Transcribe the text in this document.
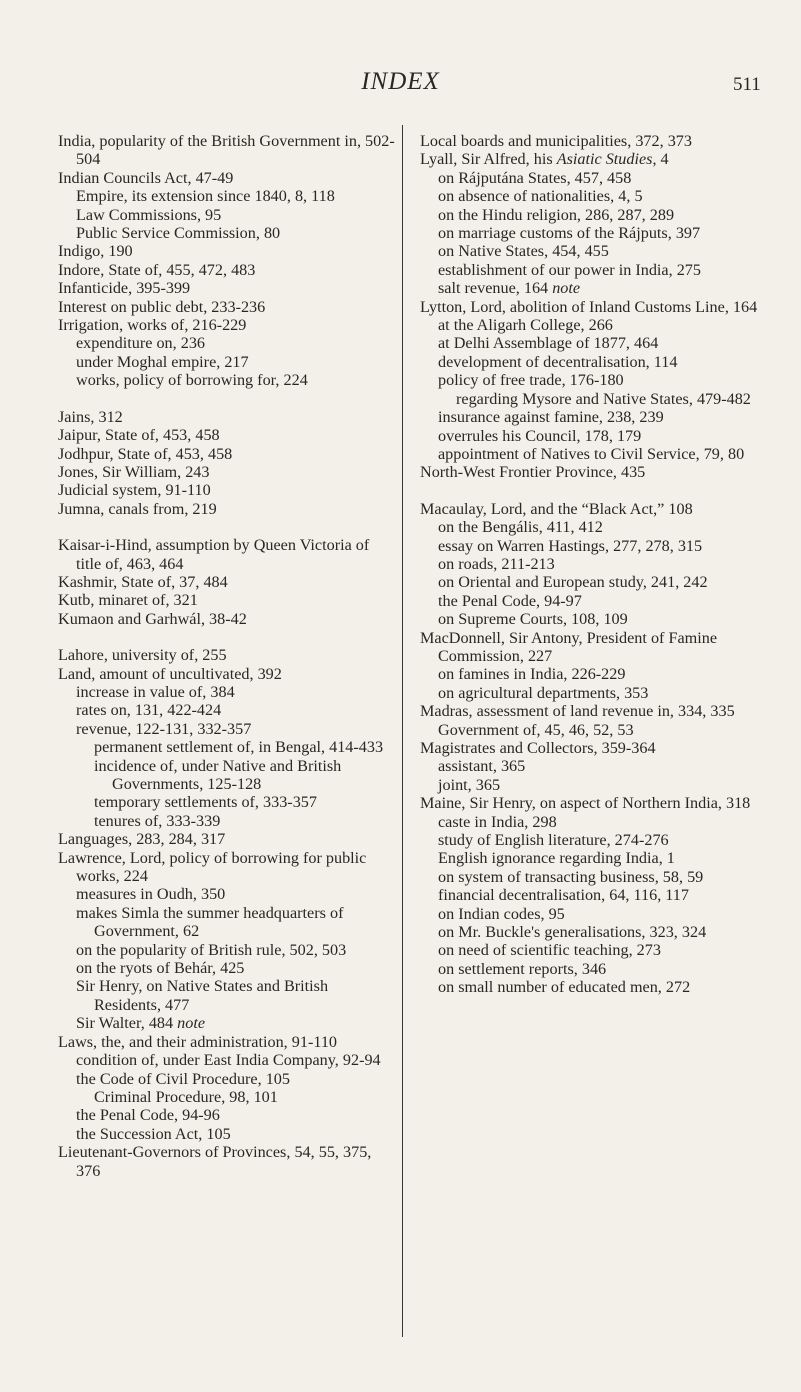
INDEX	511

India, popularity of the British Government in, 502-504

Indian Councils Act, 47-49

Empire, its extension since 1840, 8, 118

Law Commissions, 95

Public Service Commission, 80

Indigo, 190

Indore, State of, 455, 472, 483

Infanticide, 395-399

Interest on public debt, 233-236

Irrigation, works of, 216-229

expenditure on, 236

under Moghal empire, 217

works, policy of borrowing for, 224

Jains, 312

Jaipur, State of, 453, 458

Jodhpur, State of, 453, 458

Jones, Sir William, 243

Judicial system, 91-110

Jumna, canals from, 219

Kaisar-i-Hind, assumption by Queen Victoria of title of, 463, 464

Kashmir, State of, 37, 484

Kutb, minaret of, 321

Kumaon and Garhwál, 38-42

Lahore, university of, 255

Land, amount of uncultivated, 392

increase in value of, 384

rates on, 131, 422-424

revenue, 122-131, 332-357

permanent settlement of, in Bengal, 414-433

incidence of, under Native and British Governments, 125-128

temporary settlements of, 333-357

tenures of, 333-339

Languages, 283, 284, 317

Lawrence, Lord, policy of borrowing for public works, 224

measures in Oudh, 350

makes Simla the summer headquarters of Government, 62

on the popularity of British rule, 502, 503

on the ryots of Behár, 425

Sir Henry, on Native States and British Residents, 477

Sir Walter, 484 note

Laws, the, and their administration, 91-110

condition of, under East India Company, 92-94

the Code of Civil Procedure, 105

Criminal Procedure, 98, 101

the Penal Code, 94-96

the Succession Act, 105

Lieutenant-Governors of Provinces, 54, 55, 375, 376

Local boards and municipalities, 372, 373

Lyall, Sir Alfred, his Asiatic Studies, 4

on Rájputána States, 457, 458

on absence of nationalities, 4, 5

on the Hindu religion, 286, 287, 289

on marriage customs of the Rájputs, 397

on Native States, 454, 455

establishment of our power in India, 275

salt revenue, 164 note

Lytton, Lord, abolition of Inland Customs Line, 164

at the Aligarh College, 266

at Delhi Assemblage of 1877, 464

development of decentralisation, 114

policy of free trade, 176-180

regarding Mysore and Native States, 479-482

insurance against famine, 238, 239

overrules his Council, 178, 179

appointment of Natives to Civil Service, 79, 80

North-West Frontier Province, 435

Macaulay, Lord, and the “Black Act,” 108

on the Bengális, 411, 412

essay on Warren Hastings, 277, 278, 315

on roads, 211-213

on Oriental and European study, 241, 242

the Penal Code, 94-97

on Supreme Courts, 108, 109

MacDonnell, Sir Antony, President of Famine Commission, 227

on famines in India, 226-229

on agricultural departments, 353

Madras, assessment of land revenue in, 334, 335

Government of, 45, 46, 52, 53

Magistrates and Collectors, 359-364

assistant, 365

joint, 365

Maine, Sir Henry, on aspect of Northern India, 318

caste in India, 298

study of English literature, 274-276

English ignorance regarding India, 1

on system of transacting business, 58, 59

financial decentralisation, 64, 116, 117

on Indian codes, 95

on Mr. Buckle's generalisations, 323, 324

on need of scientific teaching, 273

on settlement reports, 346

on small number of educated men, 272
